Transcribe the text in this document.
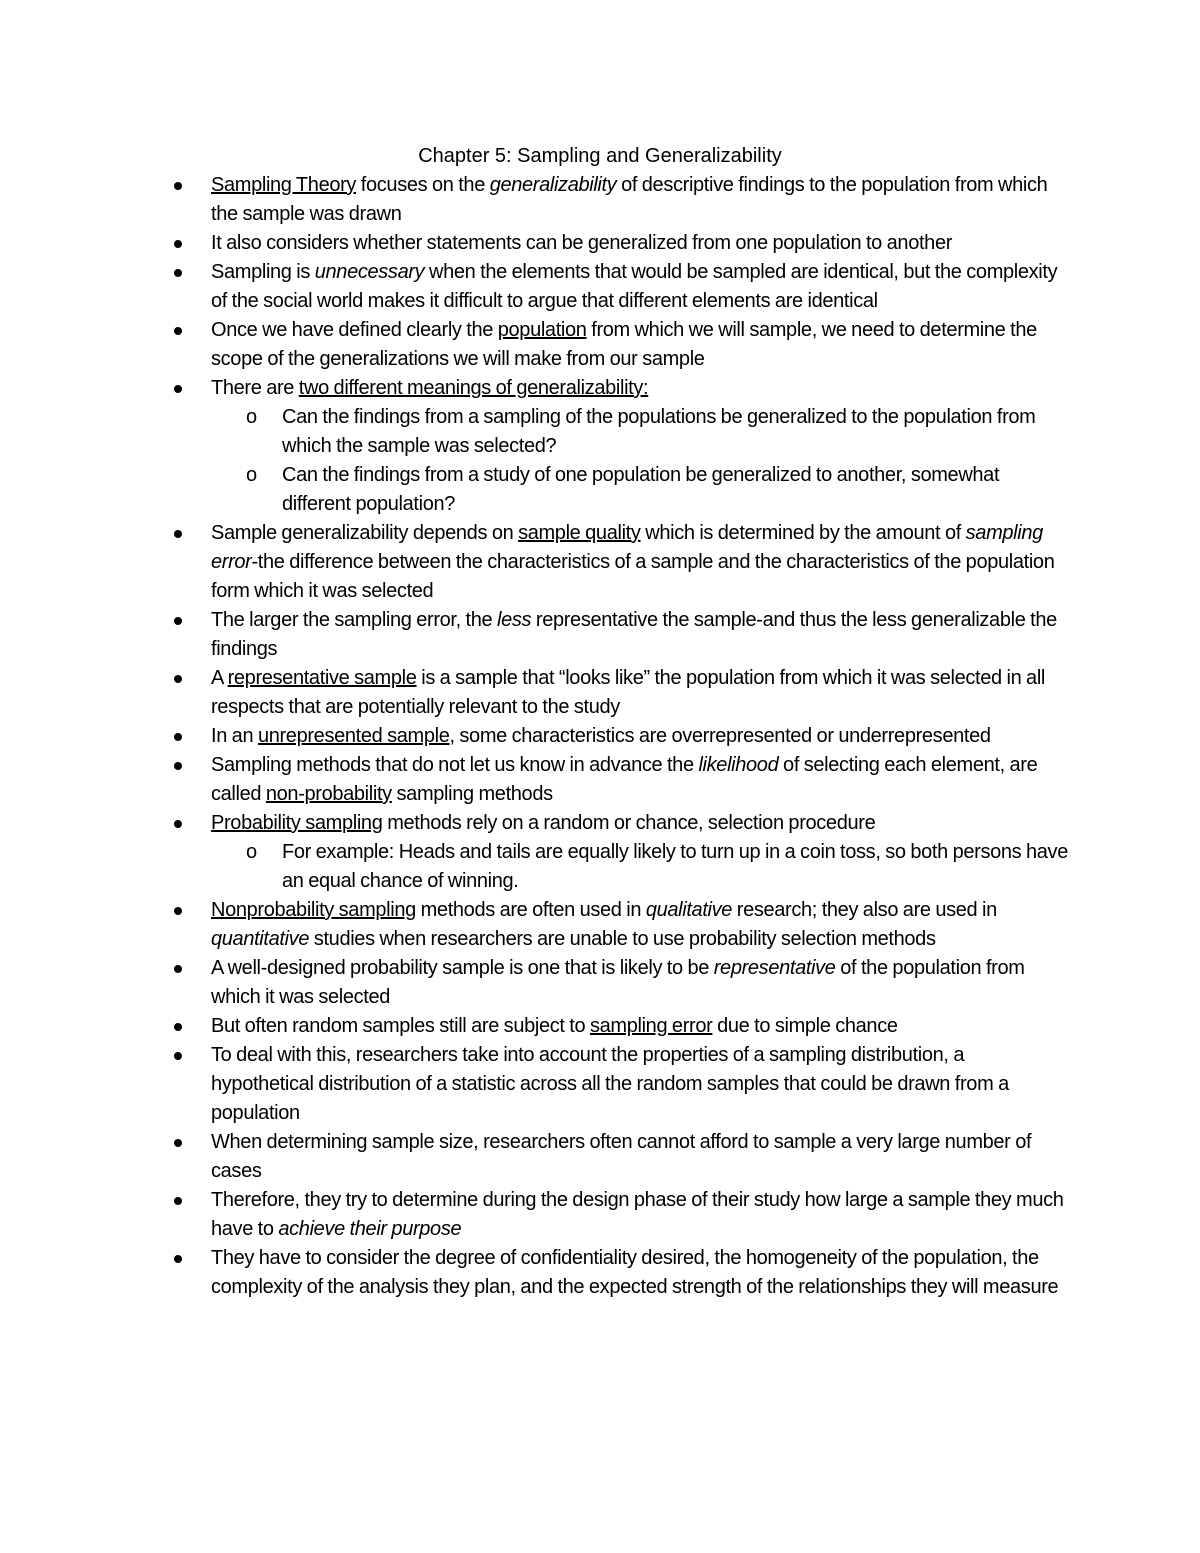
Chapter 5: Sampling and Generalizability
Sampling Theory focuses on the generalizability of descriptive findings to the population from which the sample was drawn
It also considers whether statements can be generalized from one population to another
Sampling is unnecessary when the elements that would be sampled are identical, but the complexity of the social world makes it difficult to argue that different elements are identical
Once we have defined clearly the population from which we will sample, we need to determine the scope of the generalizations we will make from our sample
There are two different meanings of generalizability:
o Can the findings from a sampling of the populations be generalized to the population from which the sample was selected?
o Can the findings from a study of one population be generalized to another, somewhat different population?
Sample generalizability depends on sample quality which is determined by the amount of sampling error-the difference between the characteristics of a sample and the characteristics of the population form which it was selected
The larger the sampling error, the less representative the sample-and thus the less generalizable the findings
A representative sample is a sample that “looks like” the population from which it was selected in all respects that are potentially relevant to the study
In an unrepresented sample, some characteristics are overrepresented or underrepresented
Sampling methods that do not let us know in advance the likelihood of selecting each element, are called non-probability sampling methods
Probability sampling methods rely on a random or chance, selection procedure
o For example: Heads and tails are equally likely to turn up in a coin toss, so both persons have an equal chance of winning.
Nonprobability sampling methods are often used in qualitative research; they also are used in quantitative studies when researchers are unable to use probability selection methods
A well-designed probability sample is one that is likely to be representative of the population from which it was selected
But often random samples still are subject to sampling error due to simple chance
To deal with this, researchers take into account the properties of a sampling distribution, a hypothetical distribution of a statistic across all the random samples that could be drawn from a population
When determining sample size, researchers often cannot afford to sample a very large number of cases
Therefore, they try to determine during the design phase of their study how large a sample they much have to achieve their purpose
They have to consider the degree of confidentiality desired, the homogeneity of the population, the complexity of the analysis they plan, and the expected strength of the relationships they will measure
